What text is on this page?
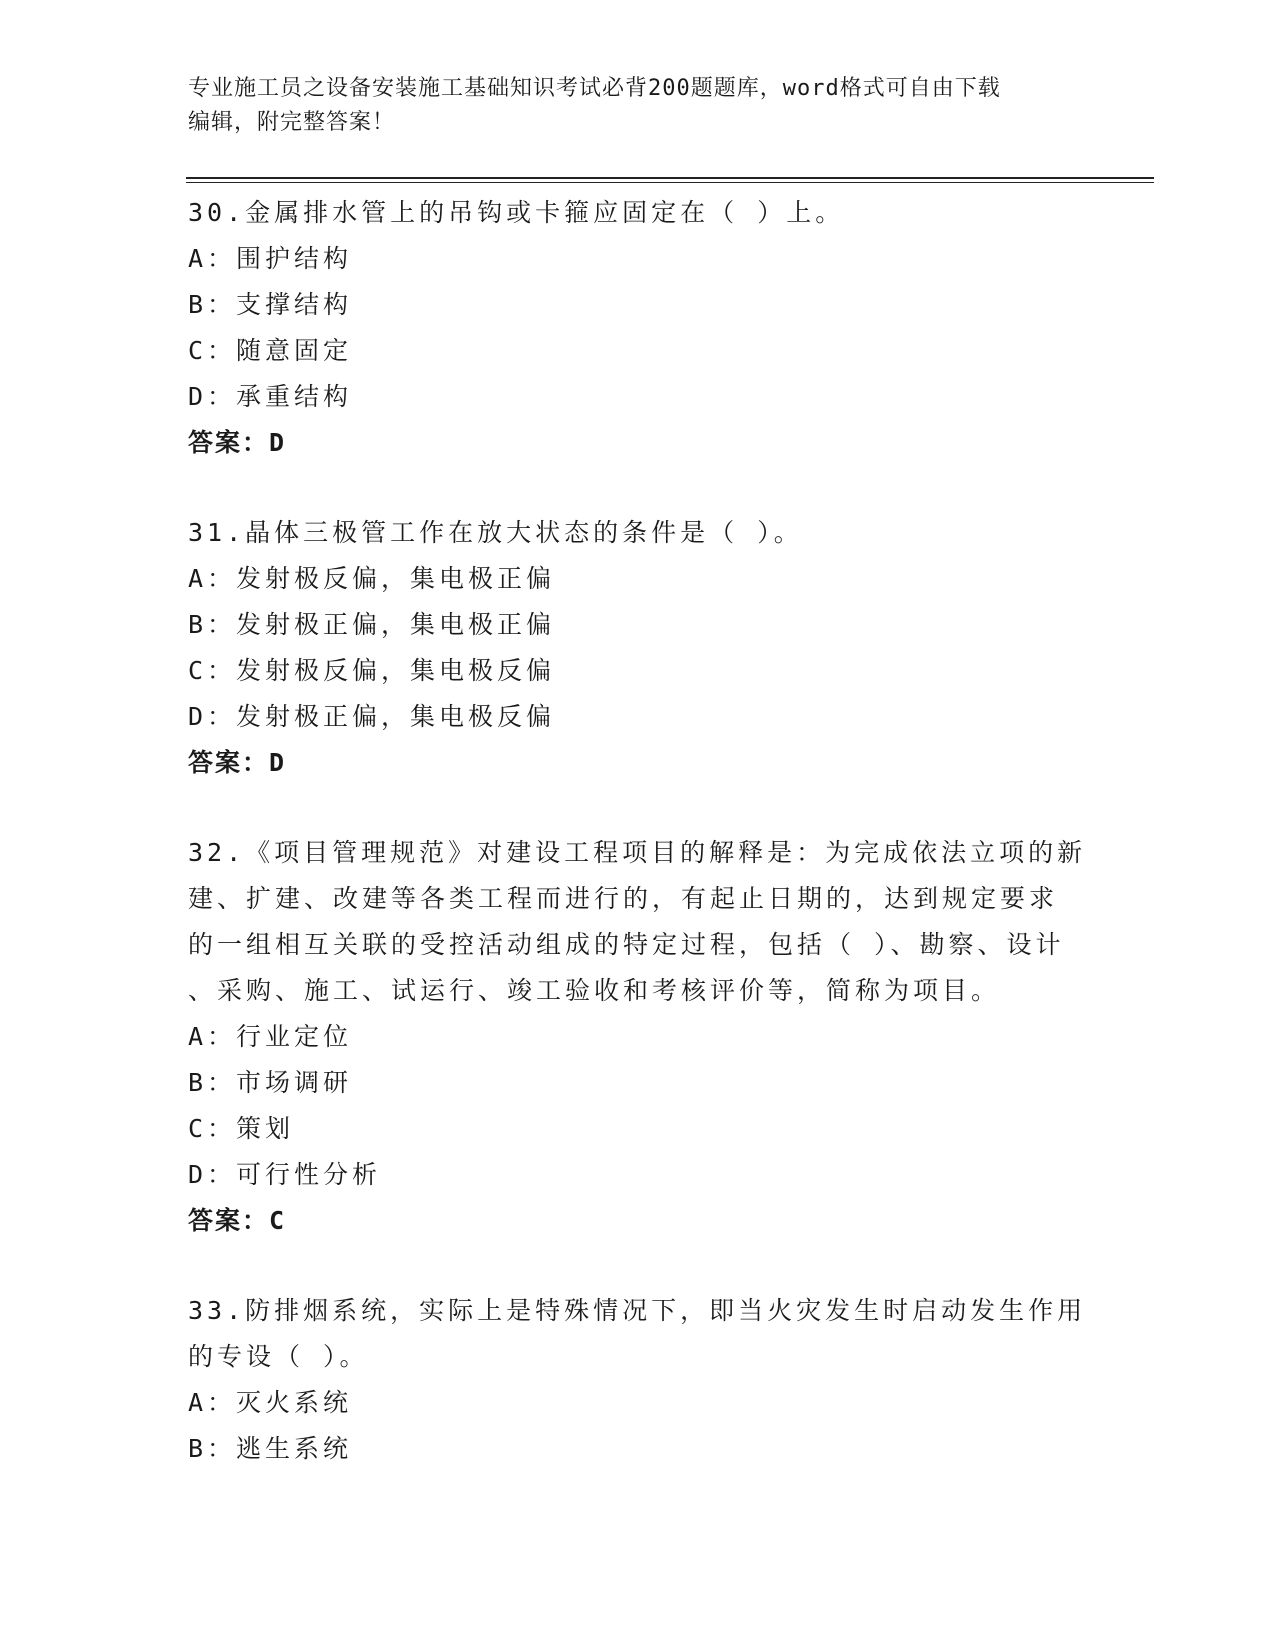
专业施工员之设备安装施工基础知识考试必背200题题库，word格式可自由下载
编辑，附完整答案！
30.金属排水管上的吊钩或卡箍应固定在（ ）上。
A：围护结构
B：支撑结构
C：随意固定
D：承重结构
答案：D
31.晶体三极管工作在放大状态的条件是（ ）。
A：发射极反偏，集电极正偏
B：发射极正偏，集电极正偏
C：发射极反偏，集电极反偏
D：发射极正偏，集电极反偏
答案：D
32.《项目管理规范》对建设工程项目的解释是：为完成依法立项的新
建、扩建、改建等各类工程而进行的，有起止日期的，达到规定要求
的一组相互关联的受控活动组成的特定过程，包括（ ）、勘察、设计
、采购、施工、试运行、竣工验收和考核评价等，简称为项目。
A：行业定位
B：市场调研
C：策划
D：可行性分析
答案：C
33.防排烟系统，实际上是特殊情况下，即当火灾发生时启动发生作用
的专设（ ）。
A：灭火系统
B：逃生系统
